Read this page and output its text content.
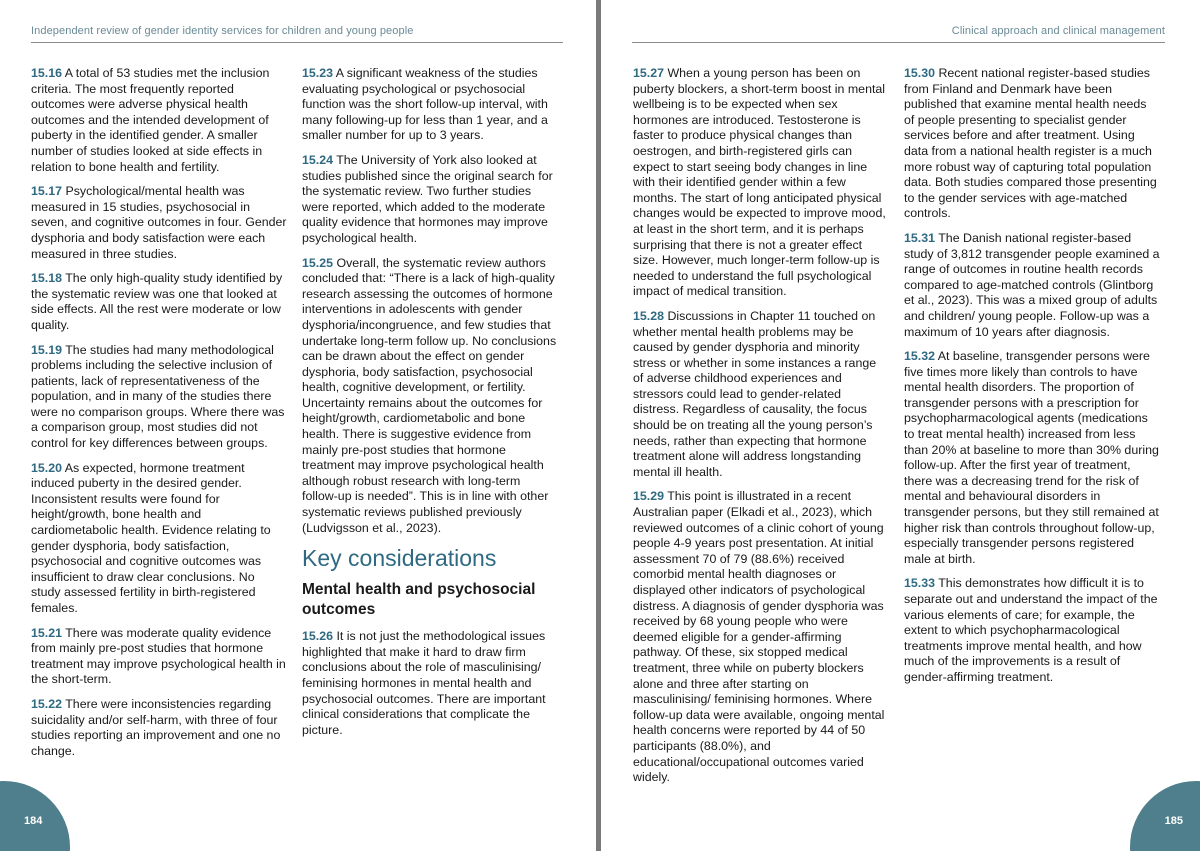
Independent review of gender identity services for children and young people

15.16 A total of 53 studies met the inclusion criteria. The most frequently reported outcomes were adverse physical health outcomes and the intended development of puberty in the identified gender. A smaller number of studies looked at side effects in relation to bone health and fertility.

15.17 Psychological/mental health was measured in 15 studies, psychosocial in seven, and cognitive outcomes in four. Gender dysphoria and body satisfaction were each measured in three studies.

15.18 The only high-quality study identified by the systematic review was one that looked at side effects. All the rest were moderate or low quality.

15.19 The studies had many methodological problems including the selective inclusion of patients, lack of representativeness of the population, and in many of the studies there were no comparison groups. Where there was a comparison group, most studies did not control for key differences between groups.

15.20 As expected, hormone treatment induced puberty in the desired gender. Inconsistent results were found for height/growth, bone health and cardiometabolic health. Evidence relating to gender dysphoria, body satisfaction, psychosocial and cognitive outcomes was insufficient to draw clear conclusions. No study assessed fertility in birth-registered females.

15.21 There was moderate quality evidence from mainly pre-post studies that hormone treatment may improve psychological health in the short-term.

15.22 There were inconsistencies regarding suicidality and/or self-harm, with three of four studies reporting an improvement and one no change.

15.23 A significant weakness of the studies evaluating psychological or psychosocial function was the short follow-up interval, with many following-up for less than 1 year, and a smaller number for up to 3 years.

15.24 The University of York also looked at studies published since the original search for the systematic review. Two further studies were reported, which added to the moderate quality evidence that hormones may improve psychological health.

15.25 Overall, the systematic review authors concluded that: “There is a lack of high-quality research assessing the outcomes of hormone interventions in adolescents with gender dysphoria/incongruence, and few studies that undertake long-term follow up. No conclusions can be drawn about the effect on gender dysphoria, body satisfaction, psychosocial health, cognitive development, or fertility. Uncertainty remains about the outcomes for height/growth, cardiometabolic and bone health. There is suggestive evidence from mainly pre-post studies that hormone treatment may improve psychological health although robust research with long-term follow-up is needed”. This is in line with other systematic reviews published previously (Ludvigsson et al., 2023).

Key considerations
Mental health and psychosocial outcomes

15.26 It is not just the methodological issues highlighted that make it hard to draw firm conclusions about the role of masculinising/ feminising hormones in mental health and psychosocial outcomes. There are important clinical considerations that complicate the picture.

184
Clinical approach and clinical management

15.27 When a young person has been on puberty blockers, a short-term boost in mental wellbeing is to be expected when sex hormones are introduced. Testosterone is faster to produce physical changes than oestrogen, and birth-registered girls can expect to start seeing body changes in line with their identified gender within a few months. The start of long anticipated physical changes would be expected to improve mood, at least in the short term, and it is perhaps surprising that there is not a greater effect size. However, much longer-term follow-up is needed to understand the full psychological impact of medical transition.

15.28 Discussions in Chapter 11 touched on whether mental health problems may be caused by gender dysphoria and minority stress or whether in some instances a range of adverse childhood experiences and stressors could lead to gender-related distress. Regardless of causality, the focus should be on treating all the young person’s needs, rather than expecting that hormone treatment alone will address longstanding mental ill health.

15.29 This point is illustrated in a recent Australian paper (Elkadi et al., 2023), which reviewed outcomes of a clinic cohort of young people 4-9 years post presentation. At initial assessment 70 of 79 (88.6%) received comorbid mental health diagnoses or displayed other indicators of psychological distress. A diagnosis of gender dysphoria was received by 68 young people who were deemed eligible for a gender-affirming pathway. Of these, six stopped medical treatment, three while on puberty blockers alone and three after starting on masculinising/ feminising hormones. Where follow-up data were available, ongoing mental health concerns were reported by 44 of 50 participants (88.0%), and educational/occupational outcomes varied widely.

15.30 Recent national register-based studies from Finland and Denmark have been published that examine mental health needs of people presenting to specialist gender services before and after treatment. Using data from a national health register is a much more robust way of capturing total population data. Both studies compared those presenting to the gender services with age-matched controls.

15.31 The Danish national register-based study of 3,812 transgender people examined a range of outcomes in routine health records compared to age-matched controls (Glintborg et al., 2023). This was a mixed group of adults and children/ young people. Follow-up was a maximum of 10 years after diagnosis.

15.32 At baseline, transgender persons were five times more likely than controls to have mental health disorders. The proportion of transgender persons with a prescription for psychopharmacological agents (medications to treat mental health) increased from less than 20% at baseline to more than 30% during follow-up. After the first year of treatment, there was a decreasing trend for the risk of mental and behavioural disorders in transgender persons, but they still remained at higher risk than controls throughout follow-up, especially transgender persons registered male at birth.

15.33 This demonstrates how difficult it is to separate out and understand the impact of the various elements of care; for example, the extent to which psychopharmacological treatments improve mental health, and how much of the improvements is a result of gender-affirming treatment.

185
